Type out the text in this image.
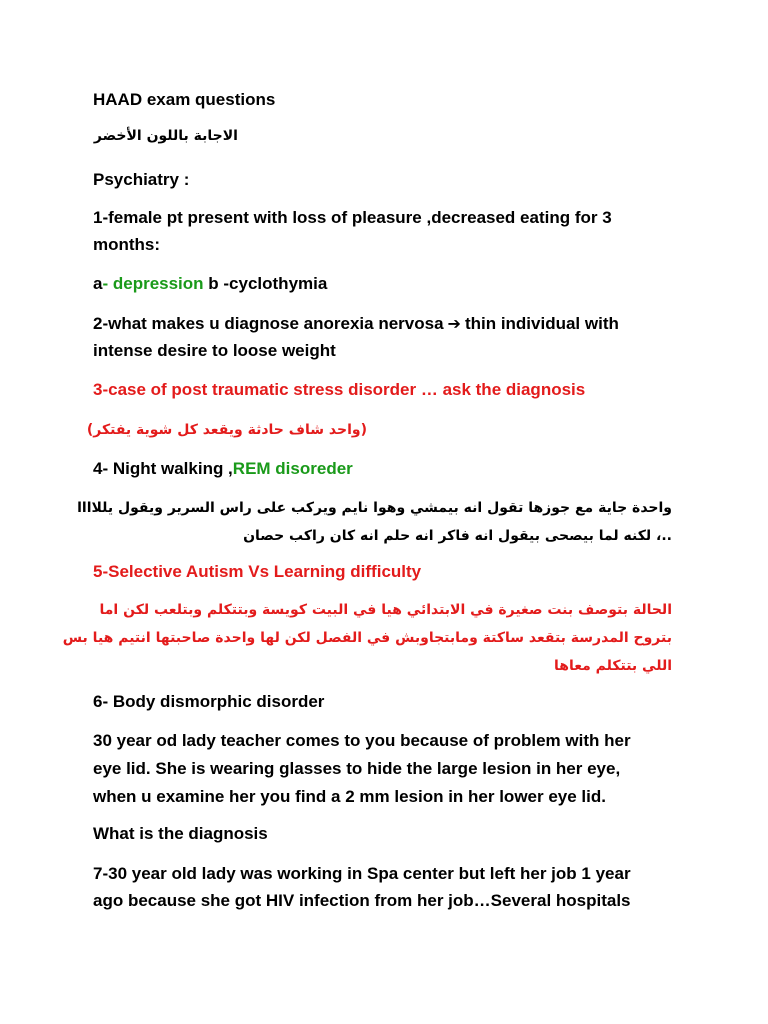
HAAD exam questions
الاجابة باللون الأخضر
Psychiatry :
1-female pt present with loss of pleasure ,decreased eating for 3
months:
a- depression b -cyclothymia
2-what makes u diagnose anorexia nervosa ➔ thin individual with
intense desire to loose weight
3-case of post traumatic stress disorder … ask the diagnosis
(واحد شاف حادثة ويقعد كل شوية يفتكر)
4- Night walking ,REM disoreder
واحدة جاية مع جوزها تقول انه بيمشي وهوا نايم ويركب على راس السرير ويقول يللاااا
..، لكنه لما بيصحى بيقول انه فاكر انه حلم انه كان راكب حصان
5-Selective Autism Vs Learning difficulty
الحالة بتوصف بنت صغيرة في الابتدائي هيا في البيت كويسة وبتتكلم وبتلعب لكن اما
بتروح المدرسة بتقعد ساكتة ومابتجاوبش في الفصل لكن لها واحدة صاحبتها انتيم هيا بس
اللي بتتكلم معاها
6- Body dismorphic disorder
30 year od lady teacher comes to you because of problem with her
eye lid. She is wearing glasses to hide the large lesion in her eye,
when u examine her you find a 2 mm lesion in her lower eye lid.
What is the diagnosis
7-30 year old lady was working in Spa center but left her job 1 year
ago because she got HIV infection from her job…Several hospitals
